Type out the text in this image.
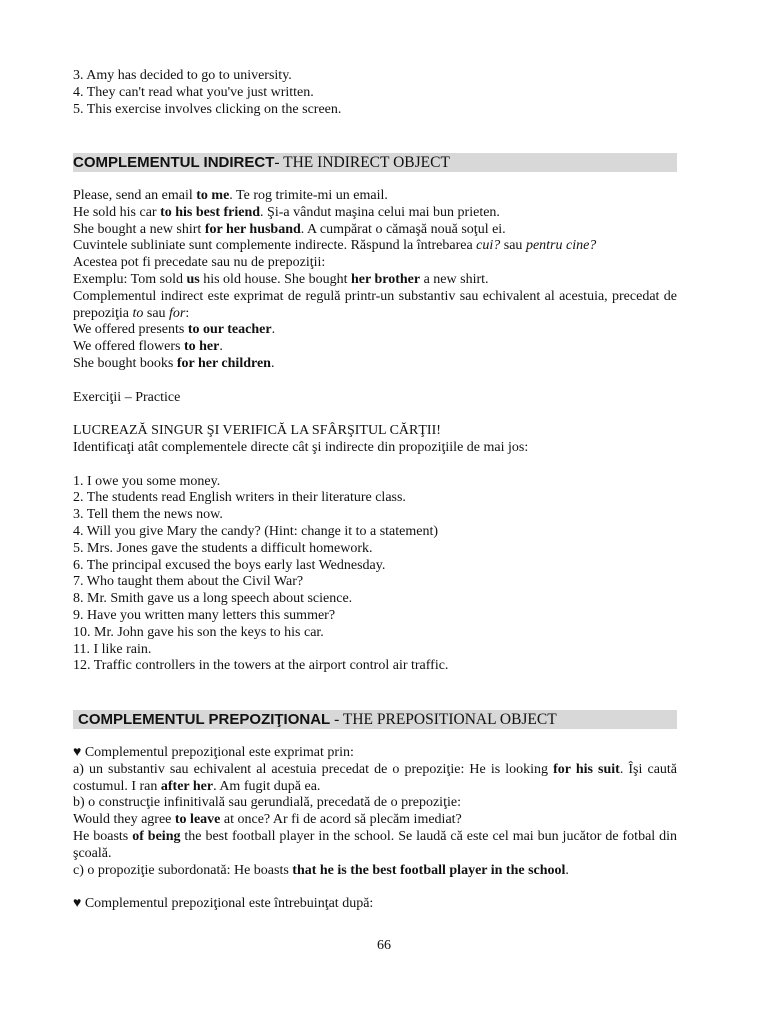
3. Amy has decided to go to university.

4. They can't read what you've just written.

5. This exercise involves clicking on the screen.

COMPLEMENTUL INDIRECT- THE INDIRECT OBJECT

Please, send an email to me. Te rog trimite-mi un email.

He sold his car to his best friend. Şi-a vândut maşina celui mai bun prieten.

She bought a new shirt for her husband. A cumpărat o cămaşă nouă soţul ei.

Cuvintele subliniate sunt complemente indirecte. Răspund la întrebarea cui? sau pentru cine?

Acestea pot fi precedate sau nu de prepoziţii:

Exemplu: Tom sold us his old house. She bought her brother a new shirt.

Complementul indirect este exprimat de regulă printr-un substantiv sau echivalent al acestuia, precedat de prepoziţia to sau for:

We offered presents to our teacher.

We offered flowers to her.

She bought books for her children.

Exerciţii – Practice

LUCREAZĂ SINGUR ŞI VERIFICĂ LA SFÂRŞITUL CĂRŢII!

Identificaţi atât complementele directe cât şi indirecte din propoziţiile de mai jos:

1. I owe you some money.

2. The students read English writers in their literature class.

3. Tell them the news now.

4. Will you give Mary the candy? (Hint: change it to a statement)

5. Mrs. Jones gave the students a difficult homework.

6. The principal excused the boys early last Wednesday.

7. Who taught them about the Civil War?

8. Mr. Smith gave us a long speech about science.

9. Have you written many letters this summer?

10. Mr. John gave his son the keys to his car.

11. I like rain.

12. Traffic controllers in the towers at the airport control air traffic.

COMPLEMENTUL PREPOZIŢIONAL - THE PREPOSITIONAL OBJECT

♥ Complementul prepoziţional este exprimat prin:

a) un substantiv sau echivalent al acestuia precedat de o prepoziţie: He is looking for his suit. Îşi caută costumul. I ran after her. Am fugit după ea.

b) o construcţie infinitivală sau gerundială, precedată de o prepoziţie:

Would they agree to leave at once? Ar fi de acord să plecăm imediat?

He boasts of being the best football player in the school. Se laudă că este cel mai bun jucător de fotbal din şcoală.

c) o propoziţie subordonată: He boasts that he is the best football player in the school.

♥ Complementul prepoziţional este întrebuinţat după:

66
